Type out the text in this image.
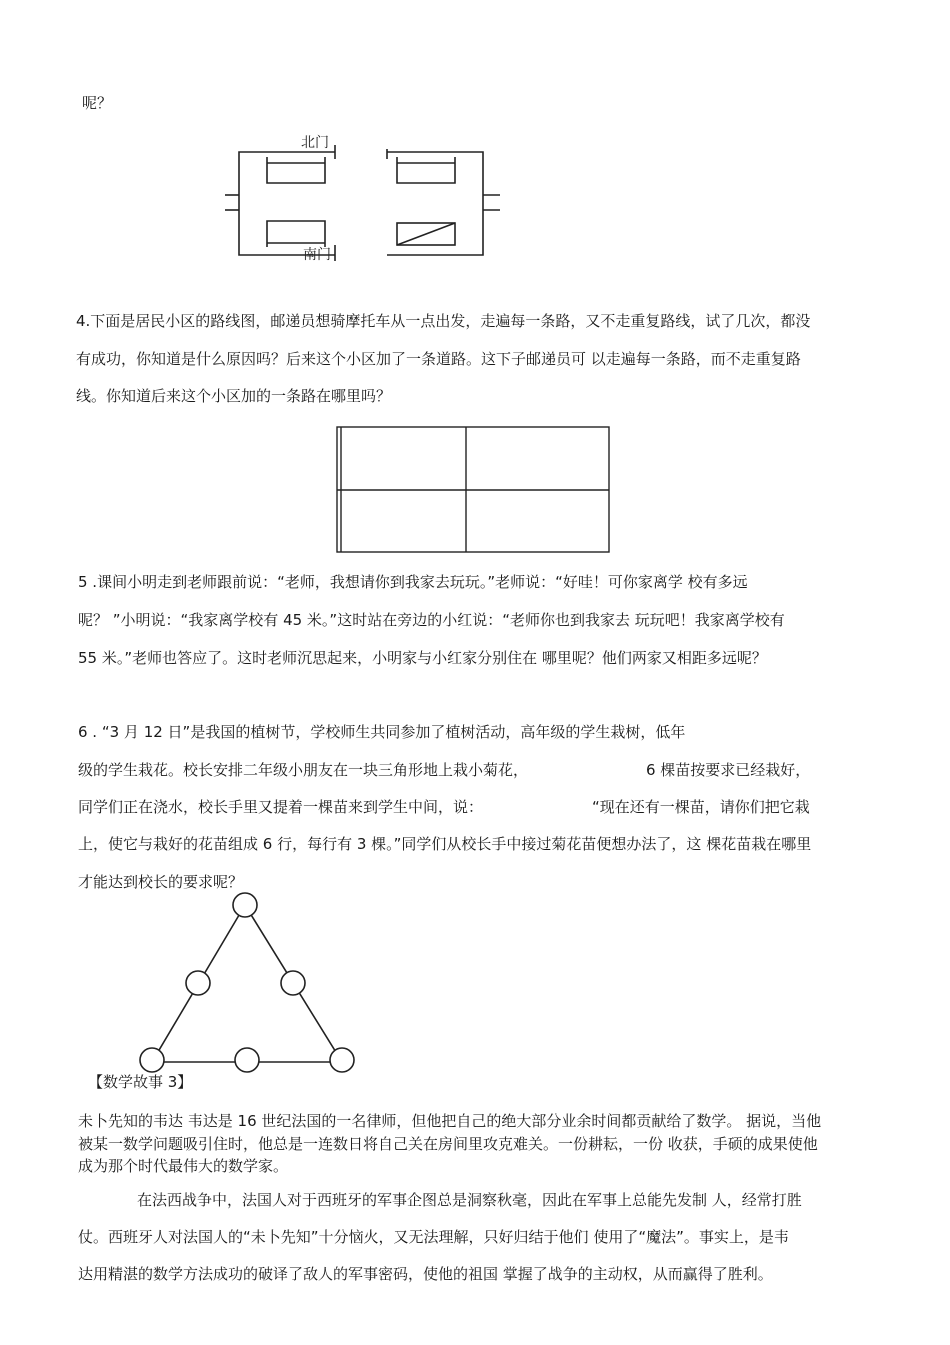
呢？
北门
南门
4.下面是居民小区的路线图，邮递员想骑摩托车从一点出发，走遍每一条路，又不走重复路线，试了几次，都没
有成功，你知道是什么原因吗？后来这个小区加了一条道路。这下子邮递员可 以走遍每一条路，而不走重复路
线。你知道后来这个小区加的一条路在哪里吗？
5 .课间小明走到老师跟前说：“老师，我想请你到我家去玩玩。”老师说：“好哇！可你家离学 校有多远
呢？ ”小明说：“我家离学校有 45 米。”这时站在旁边的小红说：“老师你也到我家去 玩玩吧！我家离学校有
55 米。”老师也答应了。这时老师沉思起来，小明家与小红家分别住在 哪里呢？他们两家又相距多远呢？
6 . “3 月 12 日”是我国的植树节，学校师生共同参加了植树活动，高年级的学生栽树，低年
级的学生栽花。校长安排二年级小朋友在一块三角形地上栽小菊花，	6 棵苗按要求已经栽好，
同学们正在浇水，校长手里又提着一棵苗来到学生中间，说：	“现在还有一棵苗，请你们把它栽
上，使它与栽好的花苗组成 6 行，每行有 3 棵。”同学们从校长手中接过菊花苗便想办法了，这 棵花苗栽在哪里
才能达到校长的要求呢？
【数学故事 3】
未卜先知的韦达 韦达是 16 世纪法国的一名律师，但他把自己的绝大部分业余时间都贡献给了数学。 据说，当他
被某一数学问题吸引住时，他总是一连数日将自己关在房间里攻克难关。一份耕耘，一份 收获，手硕的成果使他
成为那个时代最伟大的数学家。
在法西战争中，法国人对于西班牙的军事企图总是洞察秋毫，因此在军事上总能先发制 人，经常打胜
仗。西班牙人对法国人的“未卜先知”十分恼火，又无法理解，只好归结于他们 使用了“魔法”。事实上，是韦
达用精湛的数学方法成功的破译了敌人的军事密码，使他的祖国 掌握了战争的主动权，从而赢得了胜利。
